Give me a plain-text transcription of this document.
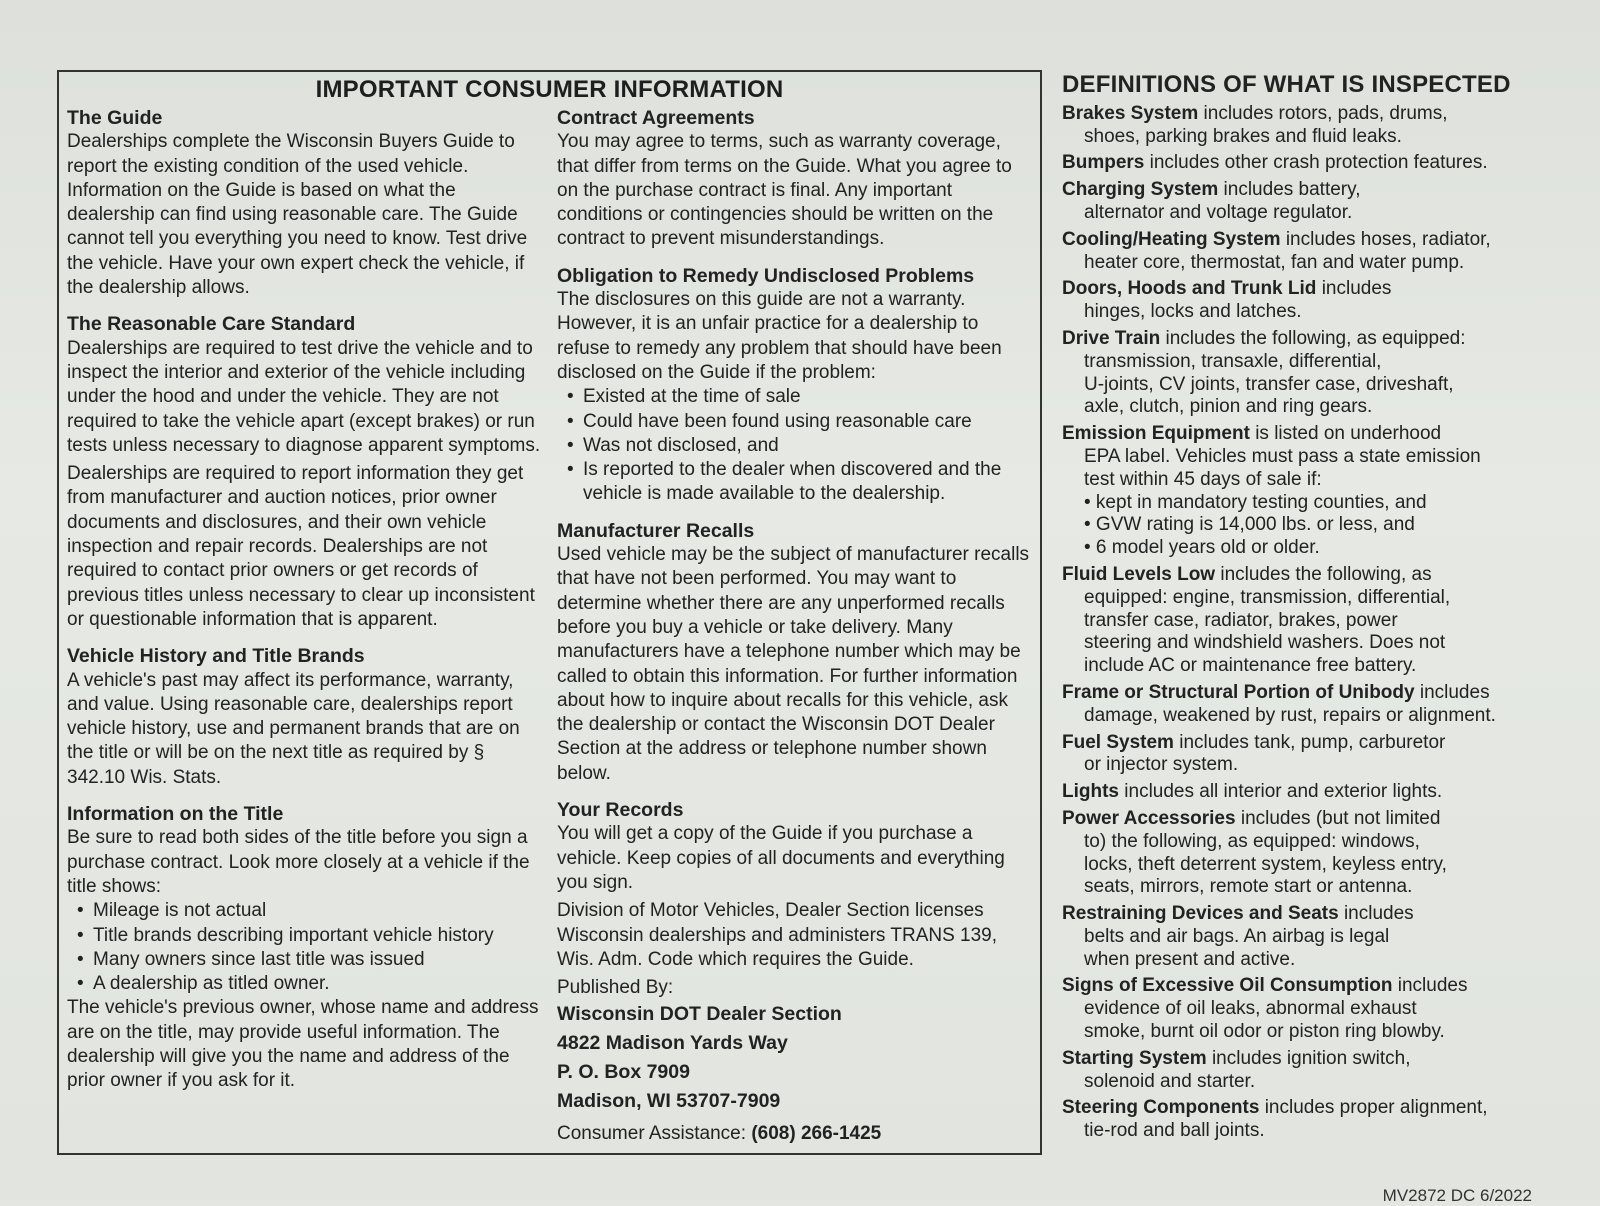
IMPORTANT CONSUMER INFORMATION
The Guide

Dealerships complete the Wisconsin Buyers Guide to report the existing condition of the used vehicle. Information on the Guide is based on what the dealership can find using reasonable care. The Guide cannot tell you everything you need to know. Test drive the vehicle. Have your own expert check the vehicle, if the dealership allows.

The Reasonable Care Standard

Dealerships are required to test drive the vehicle and to inspect the interior and exterior of the vehicle including under the hood and under the vehicle. They are not required to take the vehicle apart (except brakes) or run tests unless necessary to diagnose apparent symptoms.

Dealerships are required to report information they get from manufacturer and auction notices, prior owner documents and disclosures, and their own vehicle inspection and repair records. Dealerships are not required to contact prior owners or get records of previous titles unless necessary to clear up inconsistent or questionable information that is apparent.

Vehicle History and Title Brands

A vehicle's past may affect its performance, warranty, and value. Using reasonable care, dealerships report vehicle history, use and permanent brands that are on the title or will be on the next title as required by § 342.10 Wis. Stats.

Information on the Title

Be sure to read both sides of the title before you sign a purchase contract. Look more closely at a vehicle if the title shows:

• Mileage is not actual
• Title brands describing important vehicle history
• Many owners since last title was issued
• A dealership as titled owner.

The vehicle's previous owner, whose name and address are on the title, may provide useful information. The dealership will give you the name and address of the prior owner if you ask for it.

Contract Agreements

You may agree to terms, such as warranty coverage, that differ from terms on the Guide. What you agree to on the purchase contract is final. Any important conditions or contingencies should be written on the contract to prevent misunderstandings.

Obligation to Remedy Undisclosed Problems

The disclosures on this guide are not a warranty. However, it is an unfair practice for a dealership to refuse to remedy any problem that should have been disclosed on the Guide if the problem:

• Existed at the time of sale
• Could have been found using reasonable care
• Was not disclosed, and
• Is reported to the dealer when discovered and the vehicle is made available to the dealership.
Manufacturer Recalls

Used vehicle may be the subject of manufacturer recalls that have not been performed. You may want to determine whether there are any unperformed recalls before you buy a vehicle or take delivery. Many manufacturers have a telephone number which may be called to obtain this information. For further information about how to inquire about recalls for this vehicle, ask the dealership or contact the Wisconsin DOT Dealer Section at the address or telephone number shown below.

Your Records

You will get a copy of the Guide if you purchase a vehicle. Keep copies of all documents and everything you sign.

Division of Motor Vehicles, Dealer Section licenses Wisconsin dealerships and administers TRANS 139, Wis. Adm. Code which requires the Guide.

Published By:

Wisconsin DOT Dealer Section
4822 Madison Yards Way
P. O. Box 7909
Madison, WI 53707-7909
Consumer Assistance: (608) 266-1425
DEFINITIONS OF WHAT IS INSPECTED
Brakes System includes rotors, pads, drums,
shoes, parking brakes and fluid leaks.
Bumpers includes other crash protection features.
Charging System includes battery,
alternator and voltage regulator.
Cooling/Heating System includes hoses, radiator,
heater core, thermostat, fan and water pump.
Doors, Hoods and Trunk Lid includes
hinges, locks and latches.
Drive Train includes the following, as equipped:
transmission, transaxle, differential,
U-joints, CV joints, transfer case, driveshaft,
axle, clutch, pinion and ring gears.
Emission Equipment is listed on underhood
EPA label. Vehicles must pass a state emission
test within 45 days of sale if:
• kept in mandatory testing counties, and
• GVW rating is 14,000 lbs. or less, and
• 6 model years old or older.
Fluid Levels Low includes the following, as
equipped: engine, transmission, differential,
transfer case, radiator, brakes, power
steering and windshield washers. Does not
include AC or maintenance free battery.
Frame or Structural Portion of Unibody includes
damage, weakened by rust, repairs or alignment.
Fuel System includes tank, pump, carburetor
or injector system.
Lights includes all interior and exterior lights.
Power Accessories includes (but not limited
to) the following, as equipped: windows,
locks, theft deterrent system, keyless entry,
seats, mirrors, remote start or antenna.
Restraining Devices and Seats includes
belts and air bags. An airbag is legal
when present and active.
Signs of Excessive Oil Consumption includes
evidence of oil leaks, abnormal exhaust
smoke, burnt oil odor or piston ring blowby.
Starting System includes ignition switch,
solenoid and starter.
Steering Components includes proper alignment,
tie-rod and ball joints.
MV2872 DC 6/2022
